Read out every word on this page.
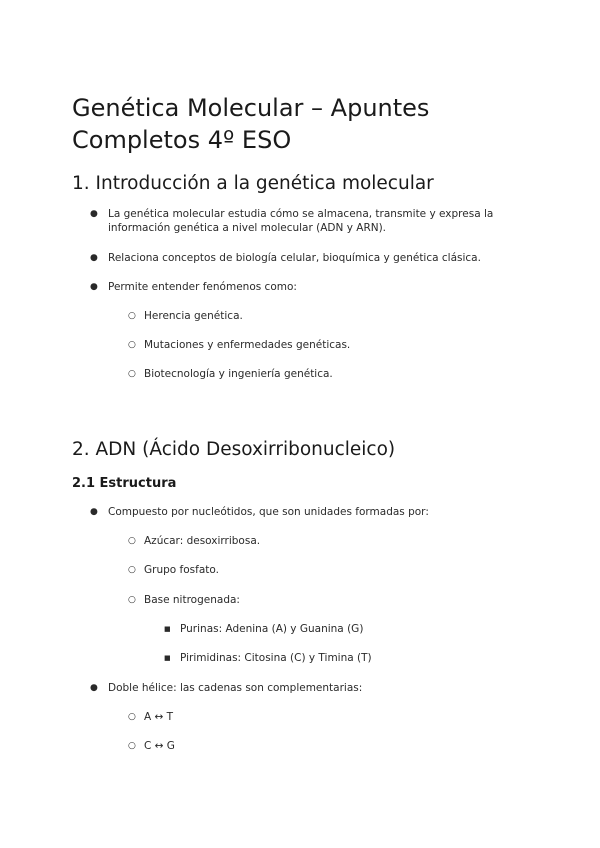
Genética Molecular – Apuntes Completos 4º ESO
1. Introducción a la genética molecular
● La genética molecular estudia cómo se almacena, transmite y expresa la información genética a nivel molecular (ADN y ARN).
● Relaciona conceptos de biología celular, bioquímica y genética clásica.
● Permite entender fenómenos como:
○ Herencia genética.
○ Mutaciones y enfermedades genéticas.
○ Biotecnología y ingeniería genética.
2. ADN (Ácido Desoxirribonucleico)
2.1 Estructura
● Compuesto por nucleótidos, que son unidades formadas por:
○ Azúcar: desoxirribosa.
○ Grupo fosfato.
○ Base nitrogenada:
■ Purinas: Adenina (A) y Guanina (G)
■ Pirimidinas: Citosina (C) y Timina (T)
● Doble hélice: las cadenas son complementarias:
○ A ↔ T
○ C ↔ G
